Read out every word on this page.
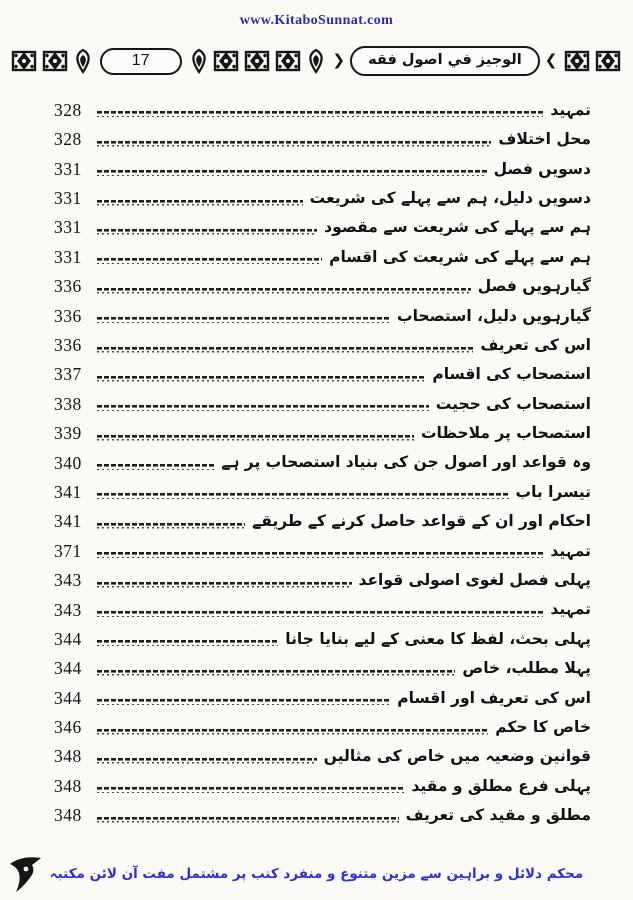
www.KitaboSunnat.com
17	❯	الوجيز في اصول فقه	❮
328	تمہید
328	محل اختلاف
331	دسویں فصل
331	دسویں دلیل، ہم سے پہلے کی شریعت
331	ہم سے پہلے کی شریعت سے مقصود
331	ہم سے پہلے کی شریعت کی اقسام
336	گیارہویں فصل
336	گیارہویں دلیل، استصحاب
336	اس کی تعریف
337	استصحاب کی اقسام
338	استصحاب کی حجیت
339	استصحاب پر ملاحظات
340	وہ قواعد اور اصول جن کی بنیاد استصحاب پر ہے
341	تیسرا باب
341	احکام اور ان کے قواعد حاصل کرنے کے طریقے
371	تمہید
343	پہلی فصل لغوی اصولی قواعد
343	تمہید
344	پہلی بحث، لفظ کا معنی کے لیے بنایا جانا
344	پہلا مطلب، خاص
344	اس کی تعریف اور اقسام
346	خاص کا حکم
348	قوانین وضعیہ میں خاص کی مثالیں
348	پہلی فرع مطلق و مقید
348	مطلق و مقید کی تعریف
محکم دلائل و براہین سے مزین متنوع و منفرد کتب پر مشتمل مفت آن لائن مکتبہ
